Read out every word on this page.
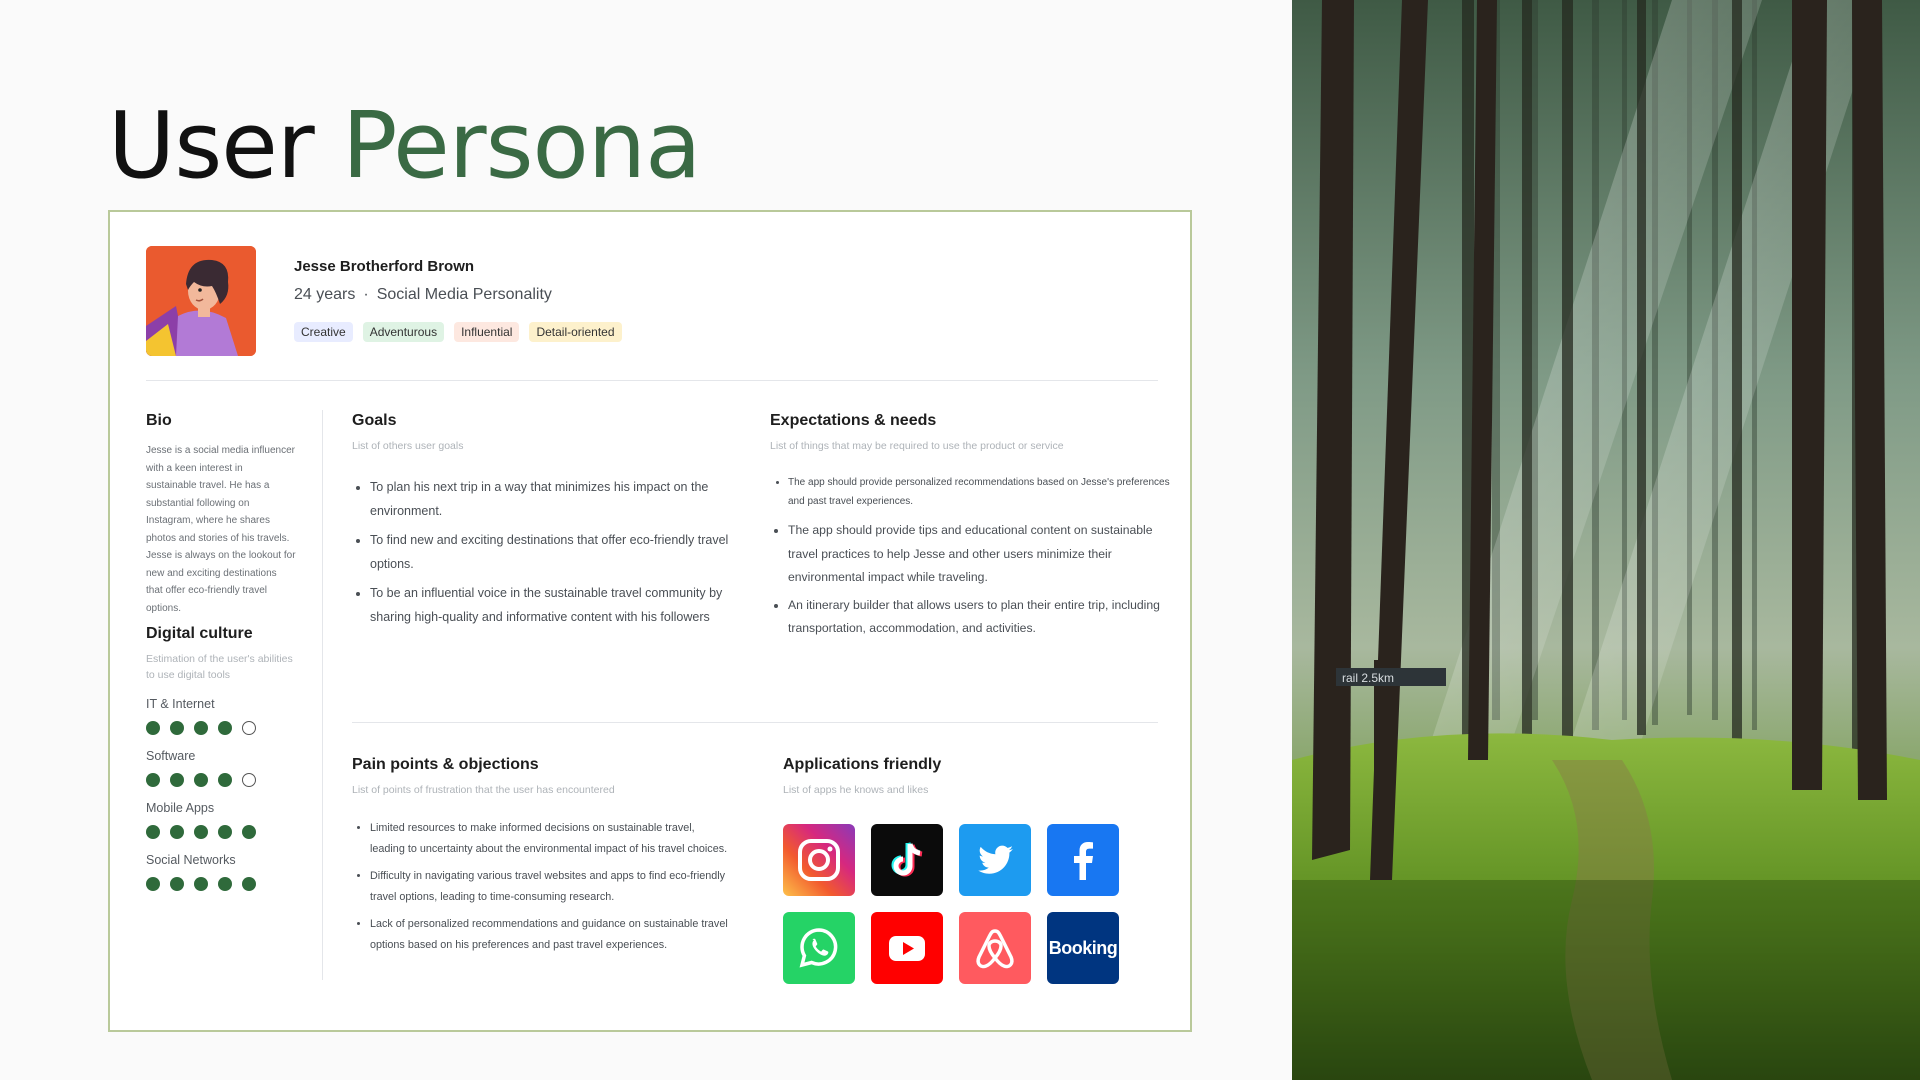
User Persona
Jesse Brotherford Brown
24 years · Social Media Personality
Creative	Adventurous	Influential	Detail-oriented
Bio
Jesse is a social media influencer with a keen interest in sustainable travel. He has a substantial following on Instagram, where he shares photos and stories of his travels. Jesse is always on the lookout for new and exciting destinations that offer eco-friendly travel options.
Digital culture
Estimation of the user's abilities to use digital tools
IT & Internet
Software
Mobile Apps
Social Networks
Goals
List of others user goals
• To plan his next trip in a way that minimizes his impact on the environment.
• To find new and exciting destinations that offer eco-friendly travel options.
• To be an influential voice in the sustainable travel community by sharing high-quality and informative content with his followers
Expectations & needs
List of things that may be required to use the product or service
• The app should provide personalized recommendations based on Jesse's preferences and past travel experiences.
• The app should provide tips and educational content on sustainable travel practices to help Jesse and other users minimize their environmental impact while traveling.
• An itinerary builder that allows users to plan their entire trip, including transportation, accommodation, and activities.
Pain points & objections
List of points of frustration that the user has encountered
• Limited resources to make informed decisions on sustainable travel, leading to uncertainty about the environmental impact of his travel choices.
• Difficulty in navigating various travel websites and apps to find eco-friendly travel options, leading to time-consuming research.
• Lack of personalized recommendations and guidance on sustainable travel options based on his preferences and past travel experiences.
Applications friendly
List of apps he knows and likes
Booking
rail 2.5km
